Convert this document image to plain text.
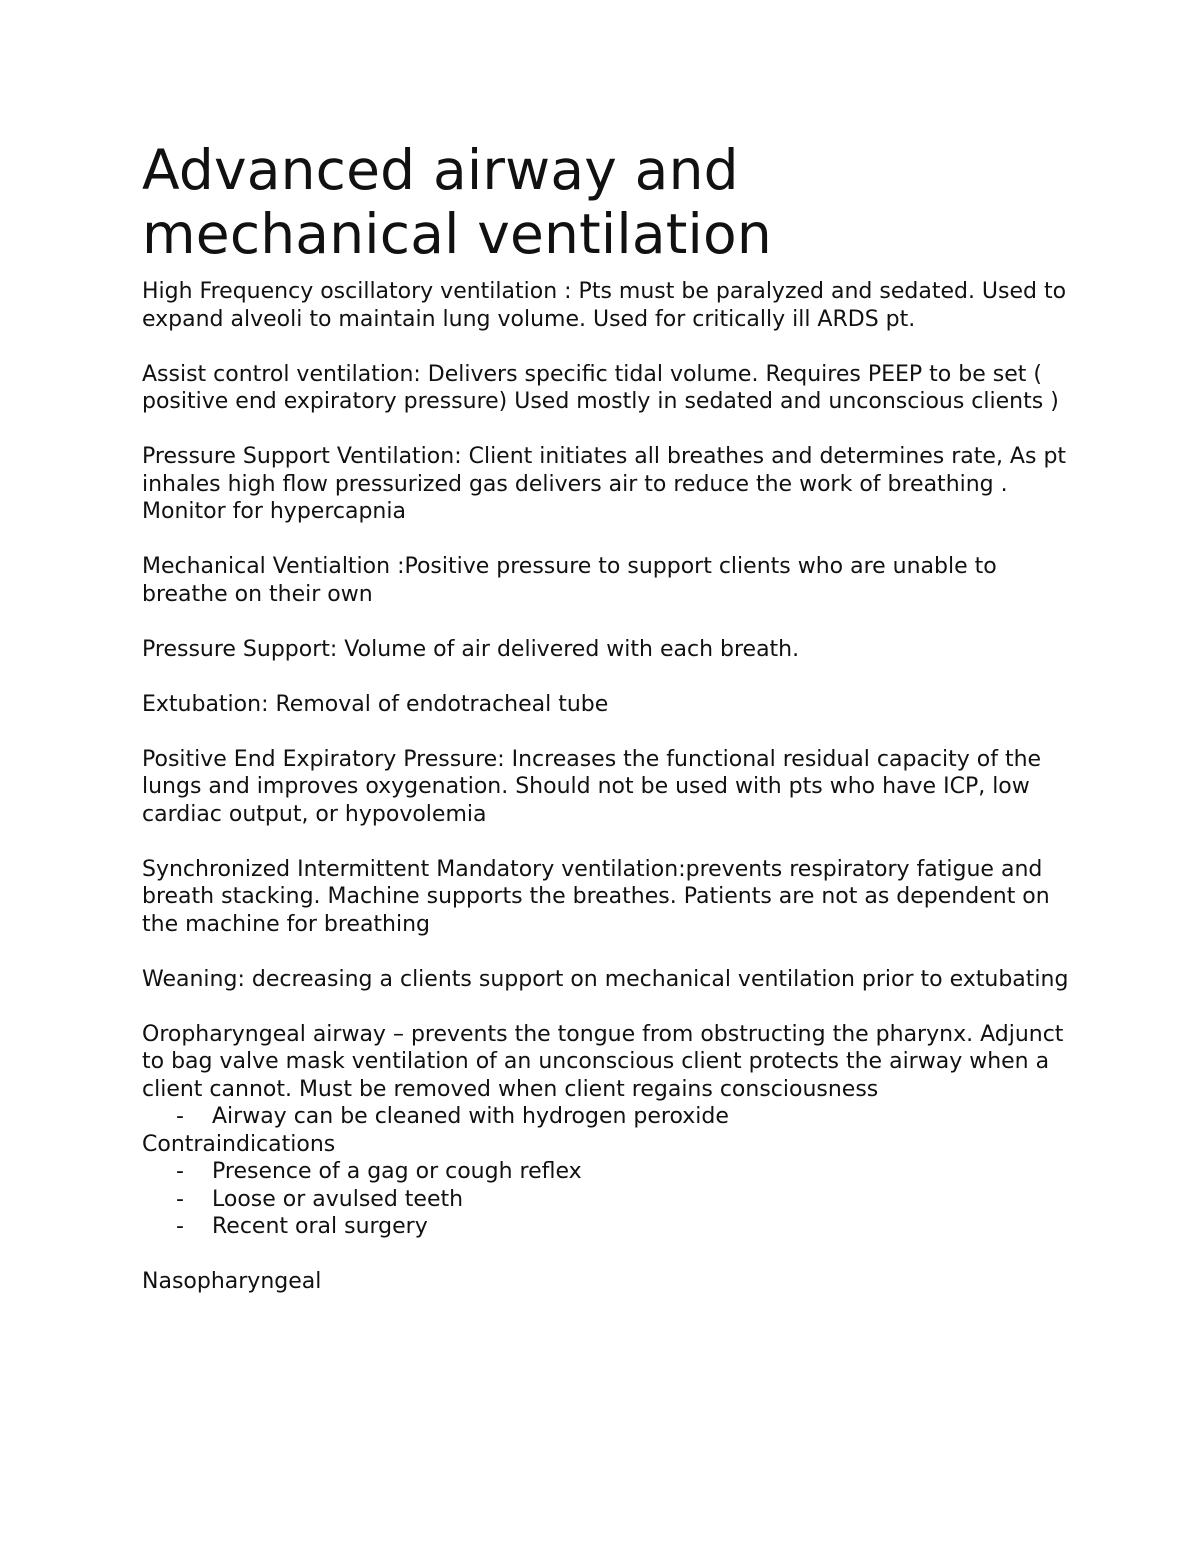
Advanced airway and mechanical ventilation

High Frequency oscillatory ventilation : Pts must be paralyzed and sedated. Used to expand alveoli to maintain lung volume. Used for critically ill ARDS pt.

Assist control ventilation: Delivers specific tidal volume. Requires PEEP to be set ( positive end expiratory pressure) Used mostly in sedated and unconscious clients )

Pressure Support Ventilation: Client initiates all breathes and determines rate, As pt inhales high flow pressurized gas delivers air to reduce the work of breathing . Monitor for hypercapnia

Mechanical Ventialtion :Positive pressure to support clients who are unable to breathe on their own

Pressure Support: Volume of air delivered with each breath.

Extubation: Removal of endotracheal tube

Positive End Expiratory Pressure: Increases the functional residual capacity of the lungs and improves oxygenation. Should not be used with pts who have ICP, low cardiac output, or hypovolemia

Synchronized Intermittent Mandatory ventilation:prevents respiratory fatigue and breath stacking. Machine supports the breathes. Patients are not as dependent on the machine for breathing

Weaning: decreasing a clients support on mechanical ventilation prior to extubating

Oropharyngeal airway – prevents the tongue from obstructing the pharynx. Adjunct to bag valve mask ventilation of an unconscious client protects the airway when a client cannot. Must be removed when client regains consciousness

- Airway can be cleaned with hydrogen peroxide

Contraindications

- Presence of a gag or cough reflex
- Loose or avulsed teeth
- Recent oral surgery

Nasopharyngeal
